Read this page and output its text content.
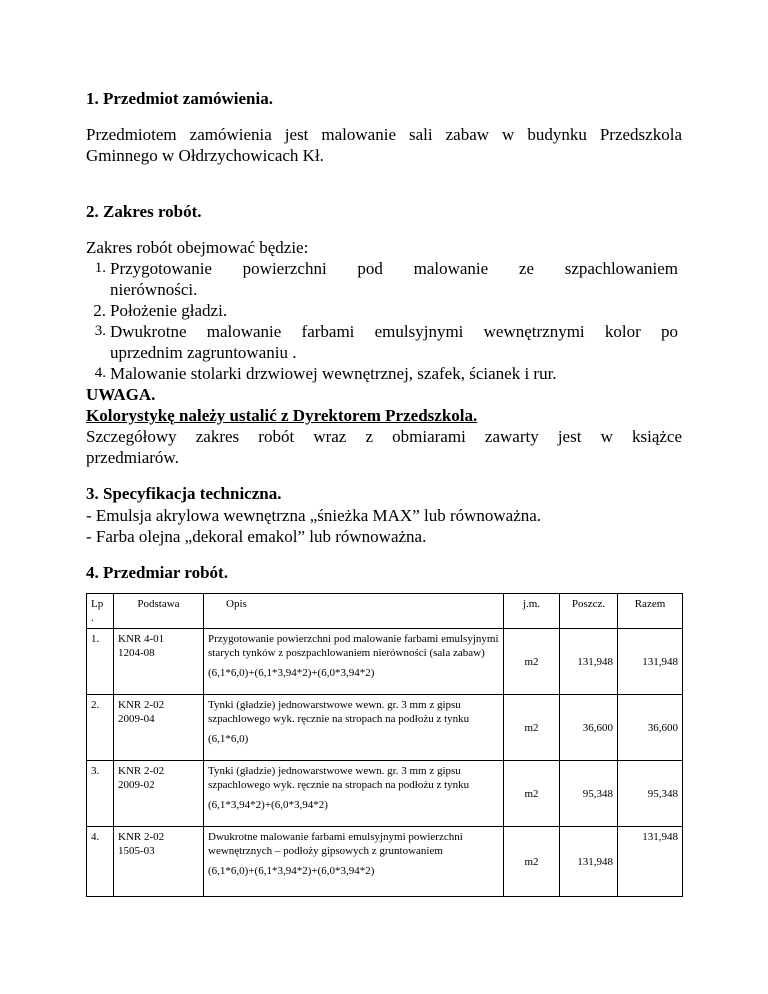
1. Przedmiot zamówienia.
Przedmiotem zamówienia jest malowanie sali zabaw w budynku Przedszkola
Gminnego w Ołdrzychowicach Kł.
2. Zakres robót.
Zakres robót obejmować będzie:
1. Przygotowanie powierzchni pod malowanie ze szpachlowaniem
nierówności.
2. Położenie gładzi.
3. Dwukrotne malowanie farbami emulsyjnymi wewnętrznymi kolor po
uprzednim zagruntowaniu .
4. Malowanie stolarki drzwiowej wewnętrznej, szafek, ścianek i rur.
UWAGA.
Kolorystykę należy ustalić z Dyrektorem Przedszkola.
Szczegółowy zakres robót wraz z obmiarami zawarty jest w książce
przedmiarów.
3. Specyfikacja techniczna.
- Emulsja akrylowa wewnętrzna „śnieżka MAX” lub równoważna.
- Farba olejna „dekoral emakol” lub równoważna.
4. Przedmiar robót.
Lp
.	Podstawa	Opis	j.m.	Poszcz.	Razem
1.	KNR 4-01
1204-08	Przygotowanie powierzchni pod malowanie farbami emulsyjnymi starych tynków z poszpachlowaniem nierówności (sala zabaw)
(6,1*6,0)+(6,1*3,94*2)+(6,0*3,94*2)	m2	131,948	131,948
2.	KNR 2-02
2009-04	Tynki (gładzie) jednowarstwowe wewn. gr. 3 mm z gipsu szpachlowego wyk. ręcznie na stropach na podłożu z tynku
(6,1*6,0)	m2	36,600	36,600
3.	KNR 2-02
2009-02	Tynki (gładzie) jednowarstwowe wewn. gr. 3 mm z gipsu szpachlowego wyk. ręcznie na stropach na podłożu z tynku
(6,1*3,94*2)+(6,0*3,94*2)	m2	95,348	95,348
4.	KNR 2-02
1505-03	Dwukrotne malowanie farbami emulsyjnymi powierzchni wewnętrznych – podłoży gipsowych z gruntowaniem
(6,1*6,0)+(6,1*3,94*2)+(6,0*3,94*2)	m2	131,948	131,948
